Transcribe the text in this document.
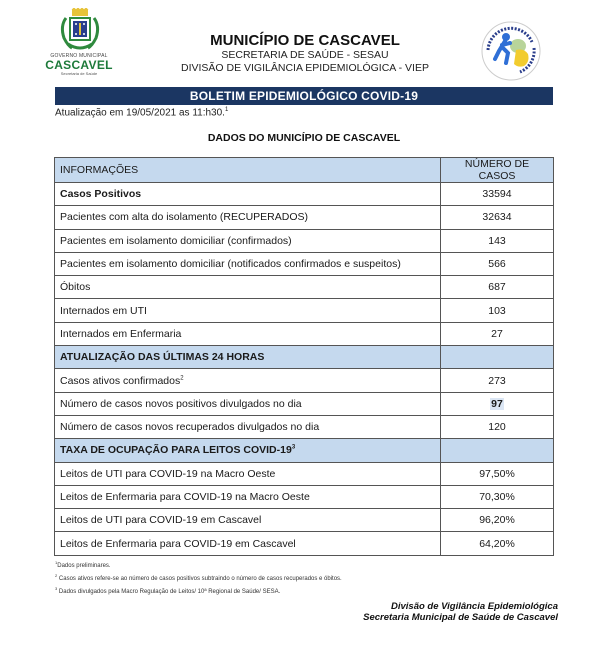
GOVERNO MUNICIPAL
CASCAVEL
Secretaria de Saúde
MUNICÍPIO DE CASCAVEL
SECRETARIA DE SAÚDE - SESAU
DIVISÃO DE VIGILÂNCIA EPIDEMIOLÓGICA - VIEP
BOLETIM EPIDEMIOLÓGICO COVID-19
Atualização em 19/05/2021 as 11:h30.$^1$
DADOS DO MUNICÍPIO DE CASCAVEL
INFORMAÇÕES	NÚMERO DE CASOS
Casos Positivos	33594
Pacientes com alta do isolamento (RECUPERADOS)	32634
Pacientes em isolamento domiciliar (confirmados)	143
Pacientes em isolamento domiciliar (notificados confirmados e suspeitos)	566
Óbitos	687
Internados em UTI	103
Internados em Enfermaria	27
ATUALIZAÇÃO DAS ÚLTIMAS 24 HORAS	
Casos ativos confirmados$^2$	273
Número de casos novos positivos divulgados no dia	97
Número de casos novos recuperados divulgados no dia	120
TAXA DE OCUPAÇÃO PARA LEITOS COVID-$19^3$	
Leitos de UTI para COVID-19 na Macro Oeste	97,50%
Leitos de Enfermaria para COVID-19 na Macro Oeste	70,30%
Leitos de UTI para COVID-19 em Cascavel	96,20%
Leitos de Enfermaria para COVID-19 em Cascavel	64,20%
$^1$Dados preliminares.
$^2$ Casos ativos refere-se ao número de casos positivos subtraindo o número de casos recuperados e óbitos.
$^3$ Dados divulgados pela Macro Regulação de Leitos/ 10ª Regional de Saúde/ SESA.
Divisão de Vigilância Epidemiológica
Secretaria Municipal de Saúde de Cascavel
